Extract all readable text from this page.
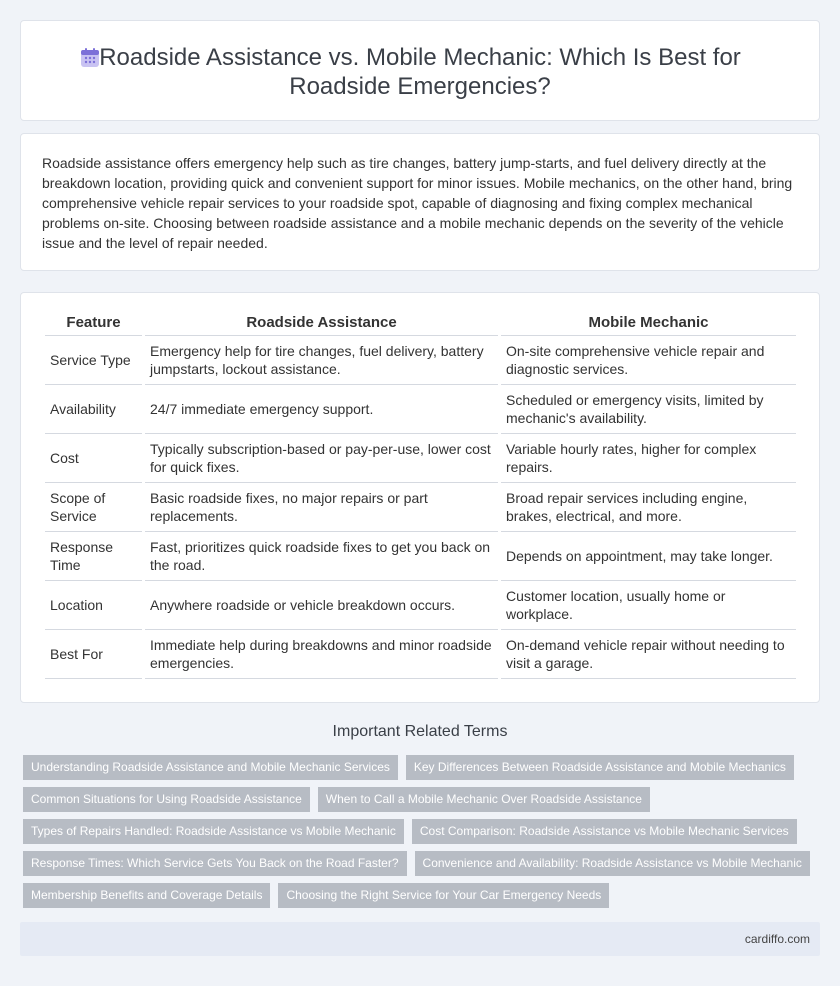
Roadside Assistance vs. Mobile Mechanic: Which Is Best for
Roadside Emergencies?

Roadside assistance offers emergency help such as tire changes, battery jump-starts, and fuel delivery directly at the breakdown location, providing quick and convenient support for minor issues. Mobile mechanics, on the other hand, bring comprehensive vehicle repair services to your roadside spot, capable of diagnosing and fixing complex mechanical problems on-site. Choosing between roadside assistance and a mobile mechanic depends on the severity of the vehicle issue and the level of repair needed.

Feature	Roadside Assistance	Mobile Mechanic
Service Type	Emergency help for tire changes, fuel delivery, battery jumpstarts, lockout assistance.	On-site comprehensive vehicle repair and diagnostic services.
Availability	24/7 immediate emergency support.	Scheduled or emergency visits, limited by mechanic's availability.
Cost	Typically subscription-based or pay-per-use, lower cost for quick fixes.	Variable hourly rates, higher for complex repairs.
Scope of Service	Basic roadside fixes, no major repairs or part replacements.	Broad repair services including engine, brakes, electrical, and more.
Response Time	Fast, prioritizes quick roadside fixes to get you back on the road.	Depends on appointment, may take longer.
Location	Anywhere roadside or vehicle breakdown occurs.	Customer location, usually home or workplace.
Best For	Immediate help during breakdowns and minor roadside emergencies.	On-demand vehicle repair without needing to visit a garage.
Important Related Terms
Understanding Roadside Assistance and Mobile Mechanic Services	Key Differences Between Roadside Assistance and Mobile Mechanics
Common Situations for Using Roadside Assistance	When to Call a Mobile Mechanic Over Roadside Assistance
Types of Repairs Handled: Roadside Assistance vs Mobile Mechanic	Cost Comparison: Roadside Assistance vs Mobile Mechanic Services
Response Times: Which Service Gets You Back on the Road Faster?	Convenience and Availability: Roadside Assistance vs Mobile Mechanic
Membership Benefits and Coverage Details	Choosing the Right Service for Your Car Emergency Needs
cardiffo.com
